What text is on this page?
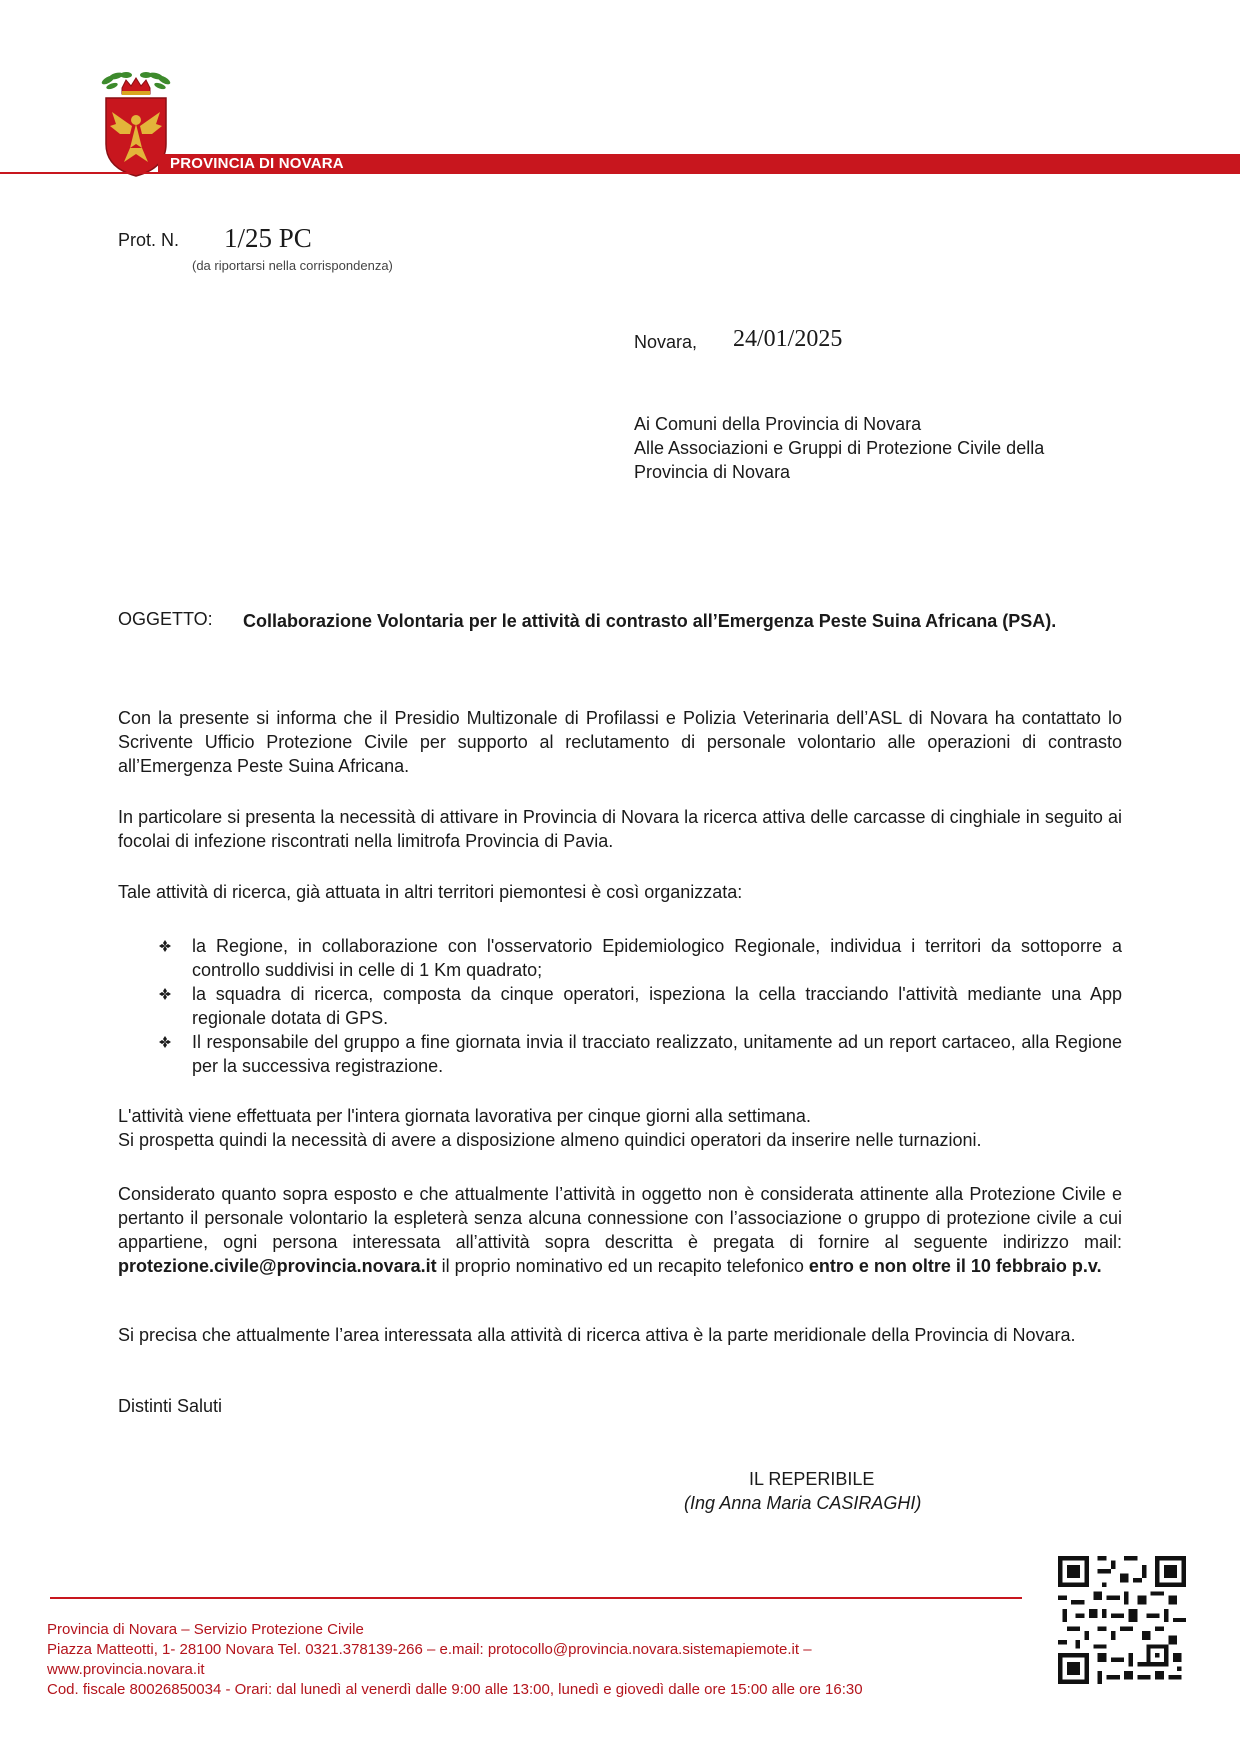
PROVINCIA DI NOVARA
Prot. N. 1/25 PC
(da riportarsi nella corrispondenza)
Novara, 24/01/2025
Ai Comuni della Provincia di Novara
Alle Associazioni e Gruppi di Protezione Civile della
Provincia di Novara
OGGETTO: Collaborazione Volontaria per le attività di contrasto all’Emergenza Peste Suina Africana (PSA).
Con la presente si informa che il Presidio Multizonale di Profilassi e Polizia Veterinaria dell’ASL di Novara ha contattato lo Scrivente Ufficio Protezione Civile per supporto al reclutamento di personale volontario alle operazioni di contrasto all’Emergenza Peste Suina Africana.
In particolare si presenta la necessità di attivare in Provincia di Novara la ricerca attiva delle carcasse di cinghiale in seguito ai focolai di infezione riscontrati nella limitrofa Provincia di Pavia.
Tale attività di ricerca, già attuata in altri territori piemontesi è così organizzata:
la Regione, in collaborazione con l'osservatorio Epidemiologico Regionale, individua i territori da sottoporre a controllo suddivisi in celle di 1 Km quadrato;
la squadra di ricerca, composta da cinque operatori, ispeziona la cella tracciando l'attività mediante una App regionale dotata di GPS.
Il responsabile del gruppo a fine giornata invia il tracciato realizzato, unitamente ad un report cartaceo, alla Regione per la successiva registrazione.
L'attività viene effettuata per l'intera giornata lavorativa per cinque giorni alla settimana.
Si prospetta quindi la necessità di avere a disposizione almeno quindici operatori da inserire nelle turnazioni.
Considerato quanto sopra esposto e che attualmente l’attività in oggetto non è considerata attinente alla Protezione Civile e pertanto il personale volontario la espleterà senza alcuna connessione con l’associazione o gruppo di protezione civile a cui appartiene, ogni persona interessata all’attività sopra descritta è pregata di fornire al seguente indirizzo mail: protezione.civile@provincia.novara.it il proprio nominativo ed un recapito telefonico entro e non oltre il 10 febbraio p.v.
Si precisa che attualmente l’area interessata alla attività di ricerca attiva è la parte meridionale della Provincia di Novara.
Distinti Saluti
IL REPERIBILE
(Ing Anna Maria CASIRAGHI)
Provincia di Novara – Servizio Protezione Civile
Piazza Matteotti, 1- 28100 Novara Tel. 0321.378139-266 – e.mail: protocollo@provincia.novara.sistemapiemote.it –
www.provincia.novara.it
Cod. fiscale 80026850034 - Orari: dal lunedì al venerdì dalle 9:00 alle 13:00, lunedì e giovedì dalle ore 15:00 alle ore 16:30
